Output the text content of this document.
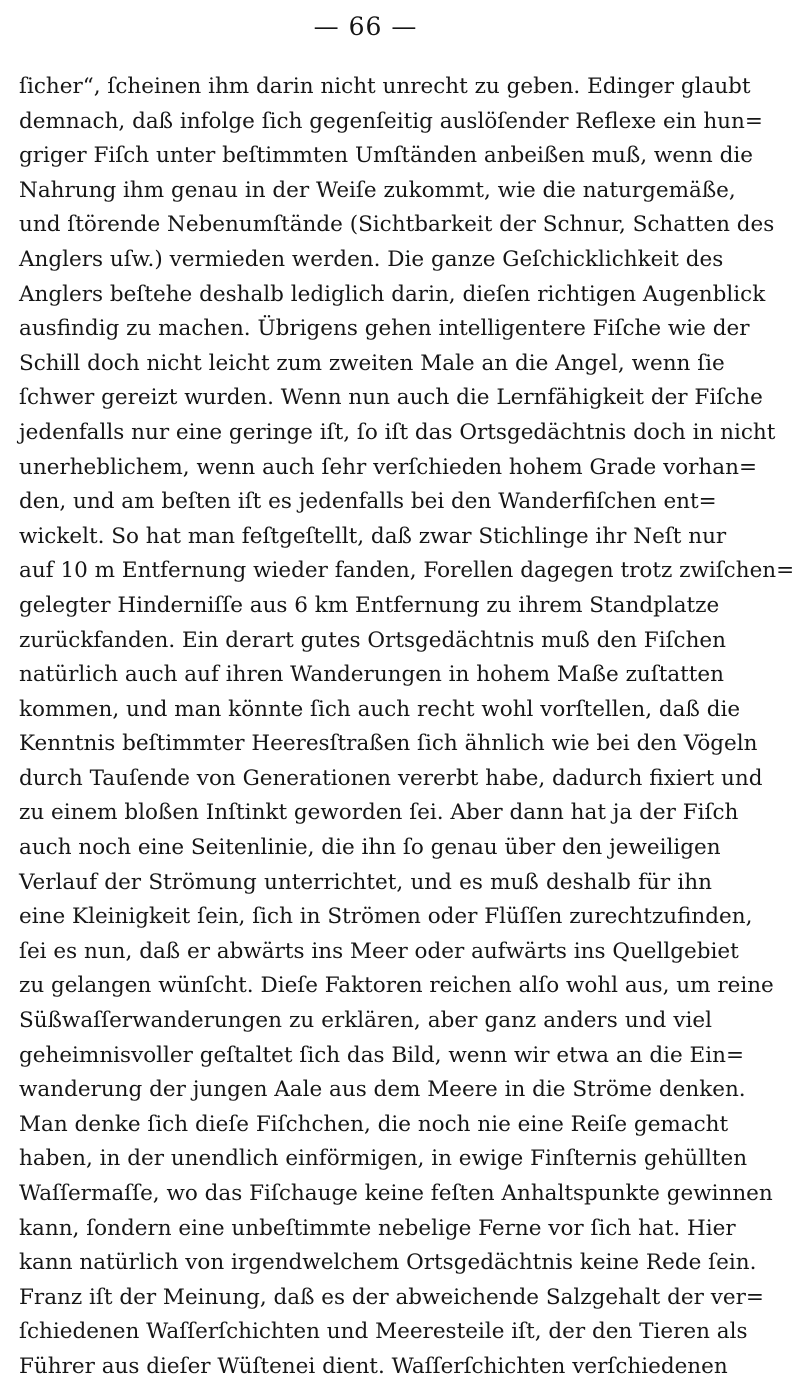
— 66 —
ſicher“, ſcheinen ihm darin nicht unrecht zu geben. Edinger glaubt
demnach, daß infolge ſich gegenſeitig auslöſender Reflexe ein hun=
griger Fiſch unter beſtimmten Umſtänden anbeißen muß, wenn die
Nahrung ihm genau in der Weiſe zukommt, wie die naturgemäße,
und ſtörende Nebenumſtände (Sichtbarkeit der Schnur, Schatten des
Anglers uſw.) vermieden werden. Die ganze Geſchicklichkeit des
Anglers beſtehe deshalb lediglich darin, dieſen richtigen Augenblick
ausfindig zu machen. Übrigens gehen intelligentere Fiſche wie der
Schill doch nicht leicht zum zweiten Male an die Angel, wenn ſie
ſchwer gereizt wurden. Wenn nun auch die Lernfähigkeit der Fiſche
jedenfalls nur eine geringe iſt, ſo iſt das Ortsgedächtnis doch in nicht
unerheblichem, wenn auch ſehr verſchieden hohem Grade vorhan=
den, und am beſten iſt es jedenfalls bei den Wanderfiſchen ent=
wickelt. So hat man feſtgeſtellt, daß zwar Stichlinge ihr Neſt nur
auf 10 m Entfernung wieder fanden, Forellen dagegen trotz zwiſchen=
gelegter Hinderniſſe aus 6 km Entfernung zu ihrem Standplatze
zurückfanden. Ein derart gutes Ortsgedächtnis muß den Fiſchen
natürlich auch auf ihren Wanderungen in hohem Maße zuſtatten
kommen, und man könnte ſich auch recht wohl vorſtellen, daß die
Kenntnis beſtimmter Heeresſtraßen ſich ähnlich wie bei den Vögeln
durch Tauſende von Generationen vererbt habe, dadurch fixiert und
zu einem bloßen Inſtinkt geworden ſei. Aber dann hat ja der Fiſch
auch noch eine Seitenlinie, die ihn ſo genau über den jeweiligen
Verlauf der Strömung unterrichtet, und es muß deshalb für ihn
eine Kleinigkeit ſein, ſich in Strömen oder Flüſſen zurechtzufinden,
ſei es nun, daß er abwärts ins Meer oder aufwärts ins Quellgebiet
zu gelangen wünſcht. Dieſe Faktoren reichen alſo wohl aus, um reine
Süßwaſſerwanderungen zu erklären, aber ganz anders und viel
geheimnisvoller geſtaltet ſich das Bild, wenn wir etwa an die Ein=
wanderung der jungen Aale aus dem Meere in die Ströme denken.
Man denke ſich dieſe Fiſchchen, die noch nie eine Reiſe gemacht
haben, in der unendlich einförmigen, in ewige Finſternis gehüllten
Waſſermaſſe, wo das Fiſchauge keine feſten Anhaltspunkte gewinnen
kann, ſondern eine unbeſtimmte nebelige Ferne vor ſich hat. Hier
kann natürlich von irgendwelchem Ortsgedächtnis keine Rede ſein.
Franz iſt der Meinung, daß es der abweichende Salzgehalt der ver=
ſchiedenen Waſſerſchichten und Meeresteile iſt, der den Tieren als
Führer aus dieſer Wüſtenei dient. Waſſerſchichten verſchiedenen
